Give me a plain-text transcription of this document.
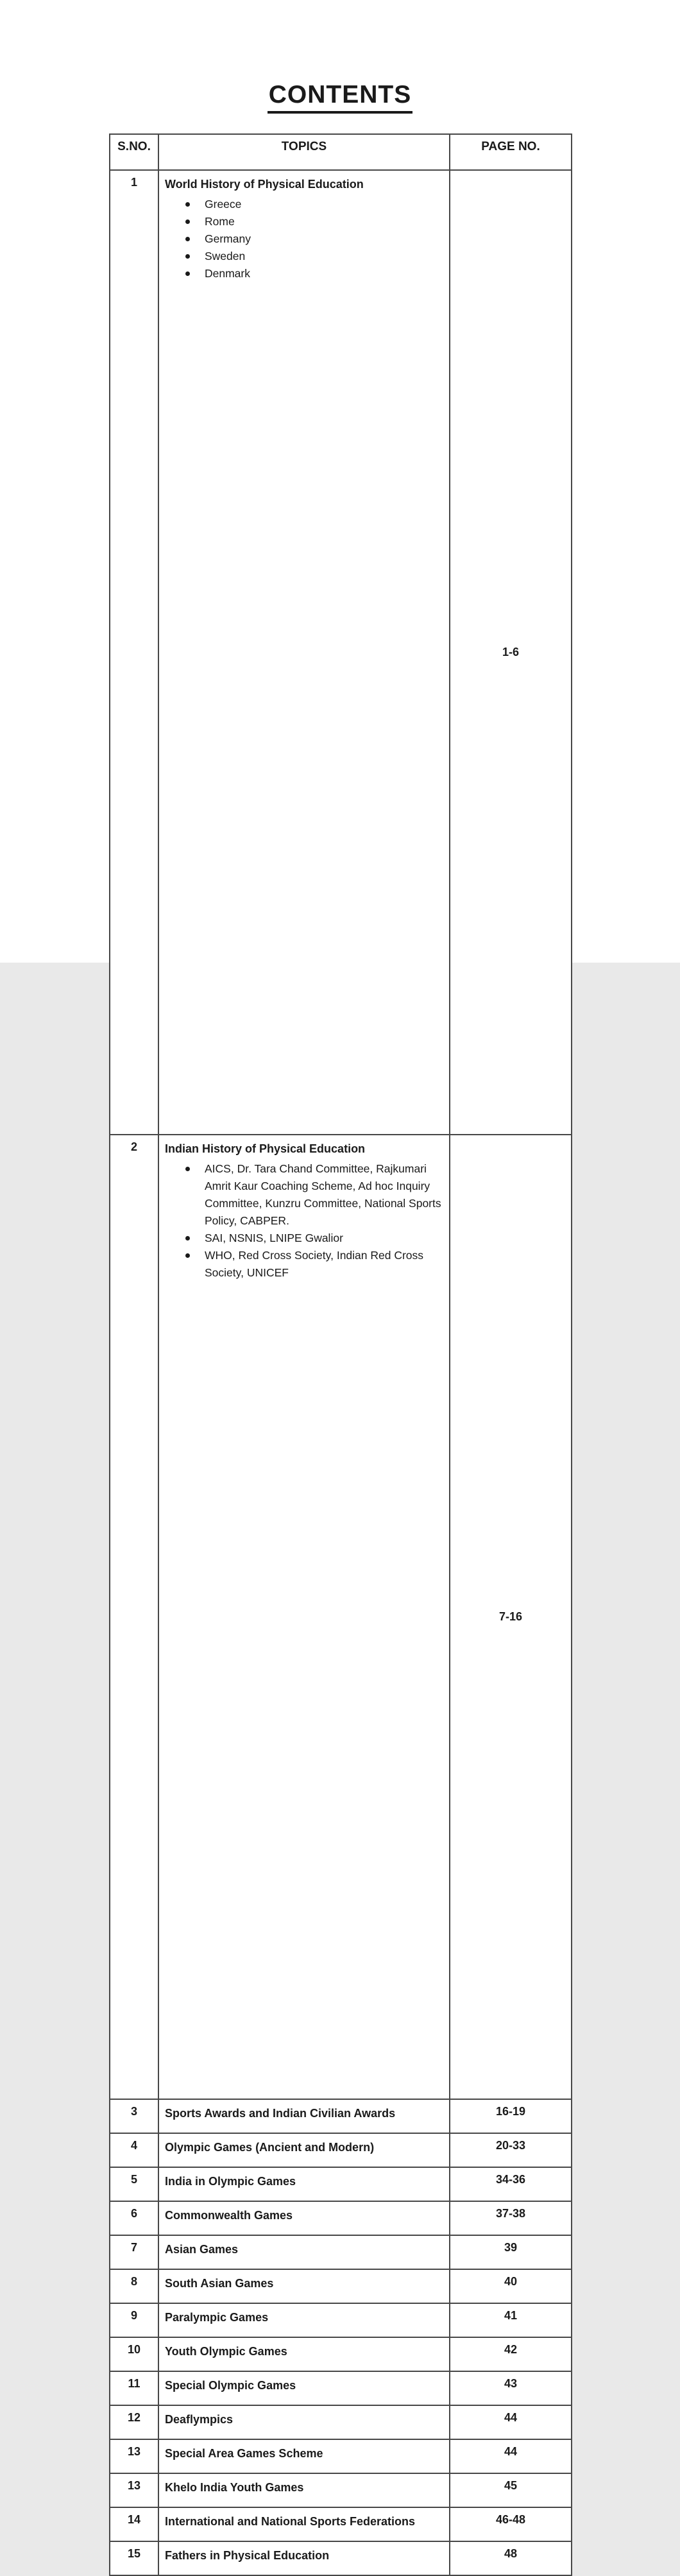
CONTENTS
S.NO.	TOPICS	PAGE NO.
1	World History of Physical Education
Greece
Rome
Germany
Sweden
Denmark
	1-6
2	Indian History of Physical Education
AICS, Dr. Tara Chand Committee, Rajkumari Amrit Kaur Coaching Scheme, Ad hoc Inquiry Committee, Kunzru Committee, National Sports Policy, CABPER.
SAI, NSNIS, LNIPE Gwalior
WHO, Red Cross Society, Indian Red Cross Society, UNICEF
	7-16
3	Sports Awards and Indian Civilian Awards	16-19
4	Olympic Games (Ancient and Modern)	20-33
5	India in Olympic Games	34-36
6	Commonwealth Games	37-38
7	Asian Games	39
8	South Asian Games	40
9	Paralympic Games	41
10	Youth Olympic Games	42
11	Special Olympic Games	43
12	Deaflympics	44
13	Special Area Games Scheme	44
13	Khelo India Youth Games	45
14	International and National Sports Federations	46-48
15	Fathers in Physical Education	48
